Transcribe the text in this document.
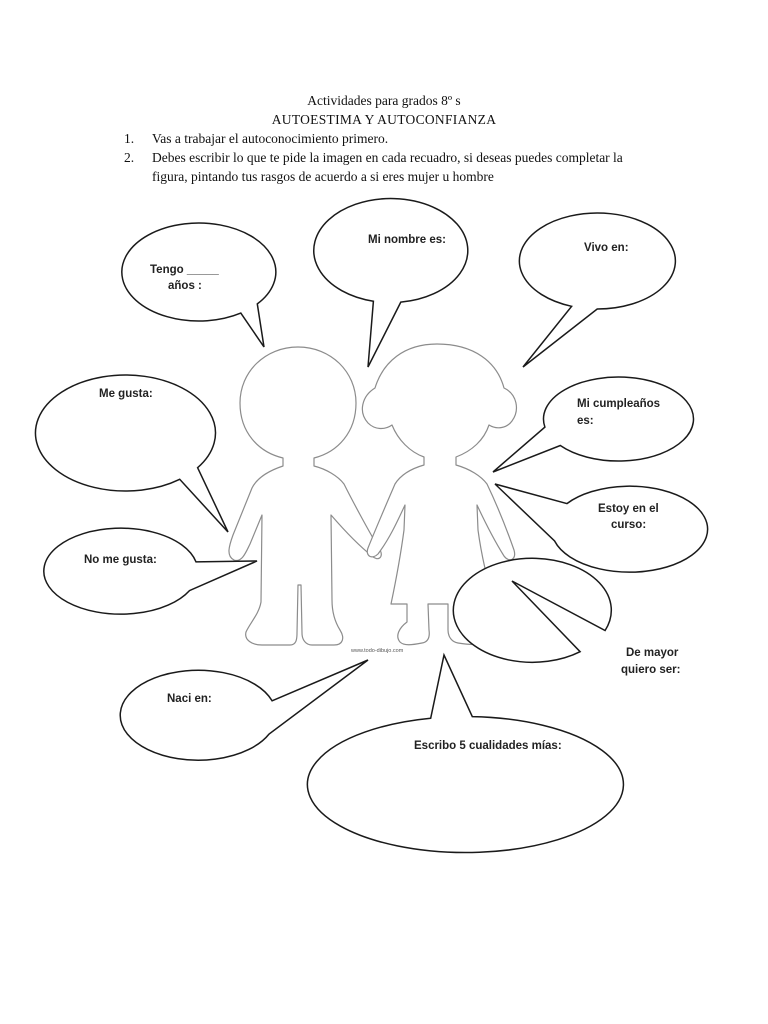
Actividades para grados 8º s

AUTOESTIMA Y AUTOCONFIANZA

1. Vas a trabajar el autoconocimiento primero.
2. Debes escribir lo que te pide la imagen en cada recuadro, si deseas puedes completar la figura, pintando tus rasgos de acuerdo a si eres mujer u hombre
www.todo-dibujo.com
Tengo _____
años :
Mi nombre es:
Vivo en:
Me gusta:
Mi cumpleaños
es:
Estoy en el
curso:
No me gusta:
De mayor
quiero ser:
Naci en:
Escribo 5 cualidades mías:
